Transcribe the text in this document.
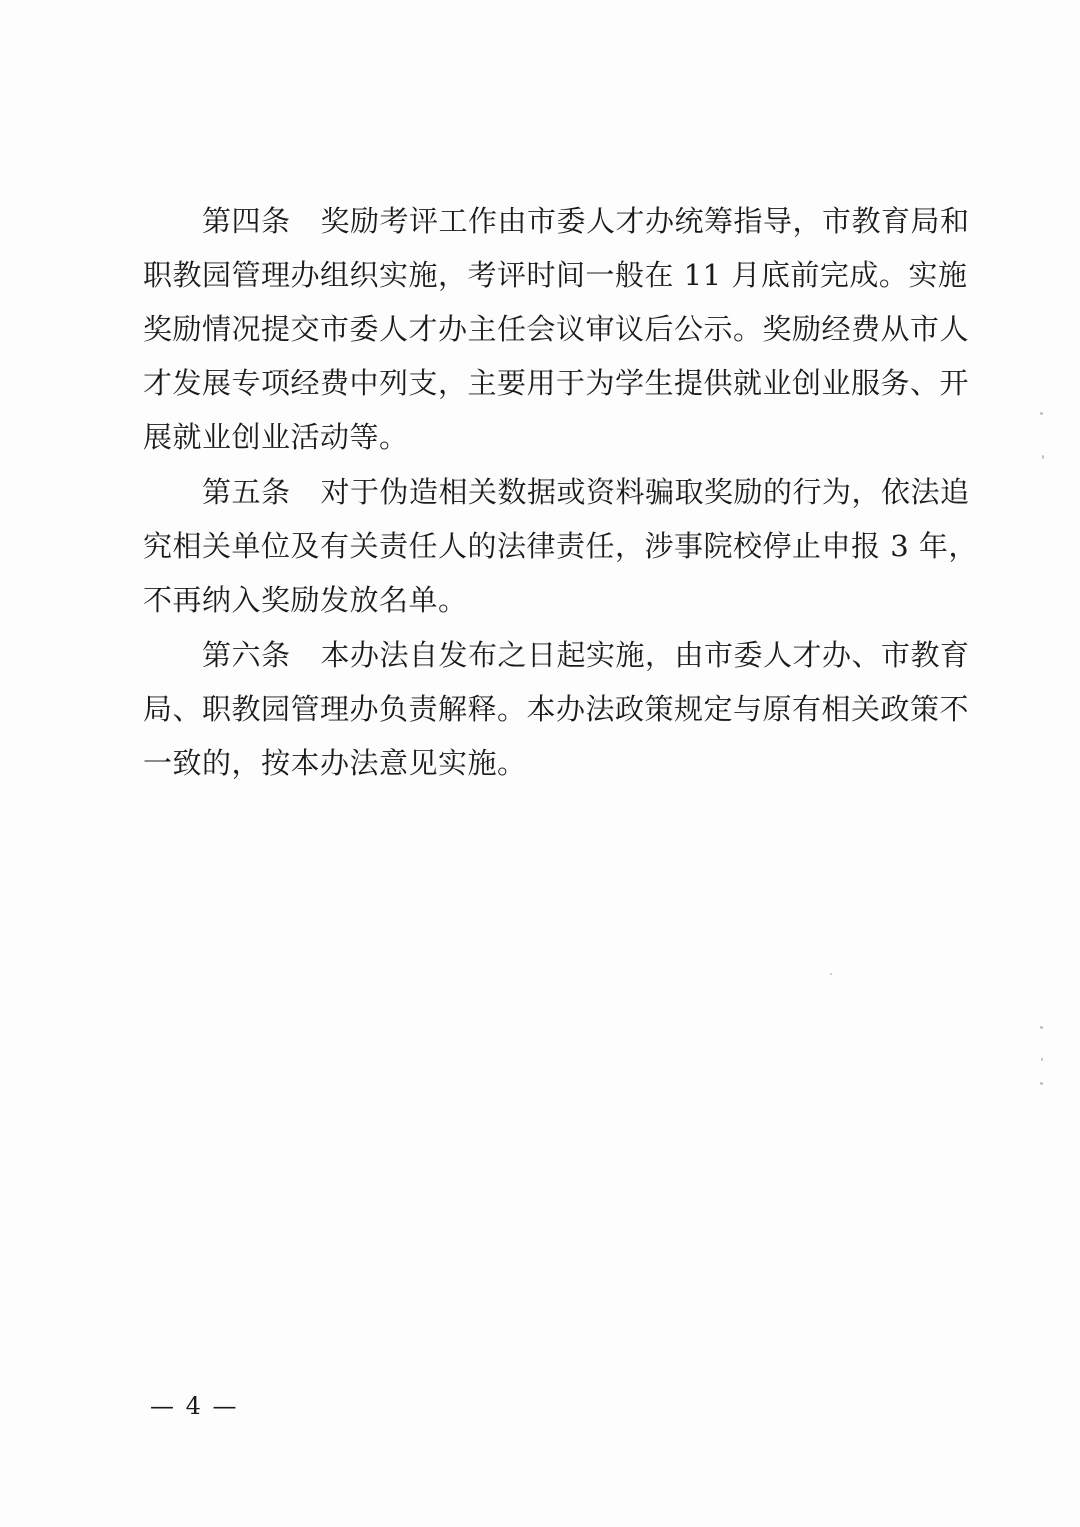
第四条 奖励考评工作由市委人才办统筹指导，市教育局和
职教园管理办组织实施，考评时间一般在 11 月底前完成。实施
奖励情况提交市委人才办主任会议审议后公示。奖励经费从市人
才发展专项经费中列支，主要用于为学生提供就业创业服务、开
展就业创业活动等。
第五条 对于伪造相关数据或资料骗取奖励的行为，依法追
究相关单位及有关责任人的法律责任，涉事院校停止申报 3 年，
不再纳入奖励发放名单。
第六条 本办法自发布之日起实施，由市委人才办、市教育
局、职教园管理办负责解释。本办法政策规定与原有相关政策不
一致的，按本办法意见实施。
— 4 —
